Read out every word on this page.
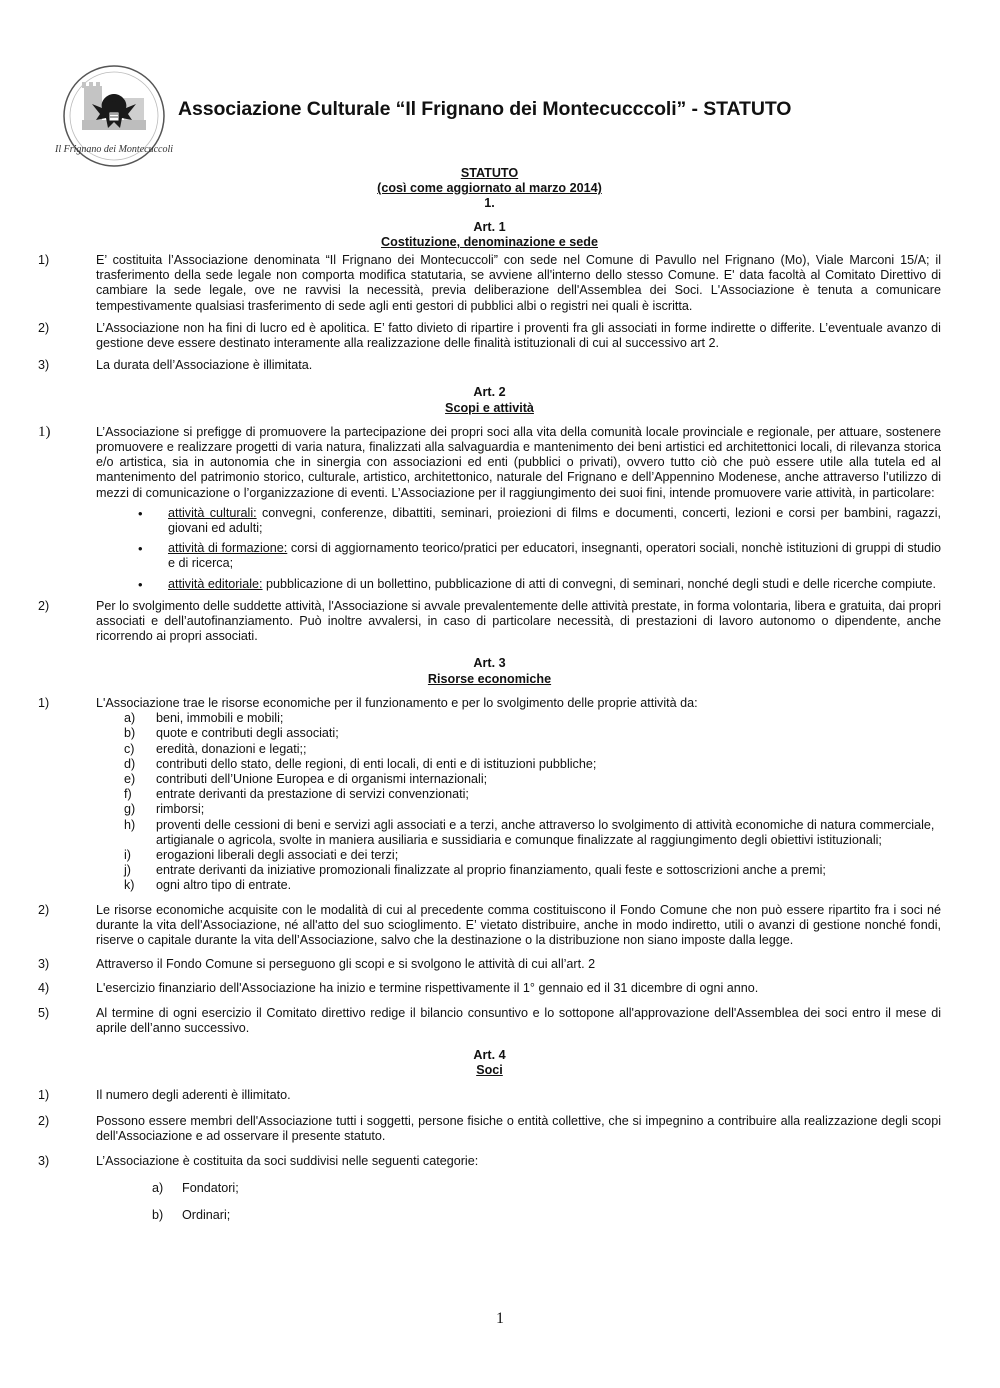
Il Frignano dei Montecuccoli
Associazione Culturale “Il Frignano dei Montecucccoli” - STATUTO
STATUTO
(così come aggiornato al marzo 2014)
1.
Art. 1
Costituzione, denominazione e sede
1)	E’ costituita l’Associazione denominata “Il Frignano dei Montecuccoli” con sede nel Comune di Pavullo nel Frignano (Mo), Viale Marconi 15/A; il trasferimento della sede legale non comporta modifica statutaria, se avviene all'interno dello stesso Comune. E' data facoltà al Comitato Direttivo di cambiare la sede legale, ove ne ravvisi la necessità, previa deliberazione dell'Assemblea dei Soci. L'Associazione è tenuta a comunicare tempestivamente qualsiasi trasferimento di sede agli enti gestori di pubblici albi o registri nei quali è iscritta.
2)	L’Associazione non ha fini di lucro ed è apolitica. E’ fatto divieto di ripartire i proventi fra gli associati in forme indirette o differite. L’eventuale avanzo di gestione deve essere destinato interamente alla realizzazione delle finalità istituzionali di cui al successivo art 2.
3)	La durata dell’Associazione è illimitata.
Art. 2
Scopi e attività
1)	L’Associazione si prefigge di promuovere la partecipazione dei propri soci alla vita della comunità locale provinciale e regionale, per attuare, sostenere promuovere e realizzare progetti di varia natura, finalizzati alla salvaguardia e mantenimento dei beni artistici ed architettonici locali, di rilevanza storica e/o artistica, sia in autonomia che in sinergia con associazioni ed enti (pubblici o privati), ovvero tutto ciò che può essere utile alla tutela ed al mantenimento del patrimonio storico, culturale, artistico, architettonico, naturale del Frignano e dell’Appennino Modenese, anche attraverso l’utilizzo di mezzi di comunicazione o l’organizzazione di eventi. L’Associazione per il raggiungimento dei suoi fini, intende promuovere varie attività, in particolare:
•	attività culturali: convegni, conferenze, dibattiti, seminari, proiezioni di films e documenti, concerti, lezioni e corsi per bambini, ragazzi, giovani ed adulti;
•	attività di formazione: corsi di aggiornamento teorico/pratici per educatori, insegnanti, operatori sociali, nonchè istituzioni di gruppi di studio e di ricerca;
•	attività editoriale: pubblicazione di un bollettino, pubblicazione di atti di convegni, di seminari, nonché degli studi e delle ricerche compiute.
2)	Per lo svolgimento delle suddette attività, l'Associazione si avvale prevalentemente delle attività prestate, in forma volontaria, libera e gratuita, dai propri associati e dell’autofinanziamento. Può inoltre avvalersi, in caso di particolare necessità, di prestazioni di lavoro autonomo o dipendente, anche ricorrendo ai propri associati.
Art. 3
Risorse economiche
1)	L'Associazione trae le risorse economiche per il funzionamento e per lo svolgimento delle proprie attività da:
a)	beni, immobili e mobili;
b)	quote e contributi degli associati;
c)	eredità, donazioni e legati;;
d)	contributi dello stato, delle regioni, di enti locali, di enti e di istituzioni pubbliche;
e)	contributi dell’Unione Europea e di organismi internazionali;
f)	entrate derivanti da prestazione di servizi convenzionati;
g)	rimborsi;
h)	proventi delle cessioni di beni e servizi agli associati e a terzi, anche attraverso lo svolgimento di attività economiche di natura commerciale, artigianale o agricola, svolte in maniera ausiliaria e sussidiaria e comunque finalizzate al raggiungimento degli obiettivi istituzionali;
i)	erogazioni liberali degli associati e dei terzi;
j)	entrate derivanti da iniziative promozionali finalizzate al proprio finanziamento, quali feste e sottoscrizioni anche a premi;
k)	ogni altro tipo di entrate.
2)	Le risorse economiche acquisite con le modalità di cui al precedente comma costituiscono il Fondo Comune che non può essere ripartito fra i soci né durante la vita dell'Associazione, né all'atto del suo scioglimento. E’ vietato distribuire, anche in modo indiretto, utili o avanzi di gestione nonché fondi, riserve o capitale durante la vita dell’Associazione, salvo che la destinazione o la distribuzione non siano imposte dalla legge.
3)	Attraverso il Fondo Comune si perseguono gli scopi e si svolgono le attività di cui all’art. 2
4)	L'esercizio finanziario dell'Associazione ha inizio e termine rispettivamente il 1° gennaio ed il 31 dicembre di ogni anno.
5)	Al termine di ogni esercizio il Comitato direttivo redige il bilancio consuntivo e lo sottopone all'approvazione dell'Assemblea dei soci entro il mese di aprile dell’anno successivo.
Art. 4
Soci
1)	Il numero degli aderenti è illimitato.
2)	Possono essere membri dell'Associazione tutti i soggetti, persone fisiche o entità collettive, che si impegnino a contribuire alla realizzazione degli scopi dell'Associazione e ad osservare il presente statuto.
3)	L’Associazione è costituita da soci suddivisi nelle seguenti categorie:
a)	Fondatori;
b)	Ordinari;
1
